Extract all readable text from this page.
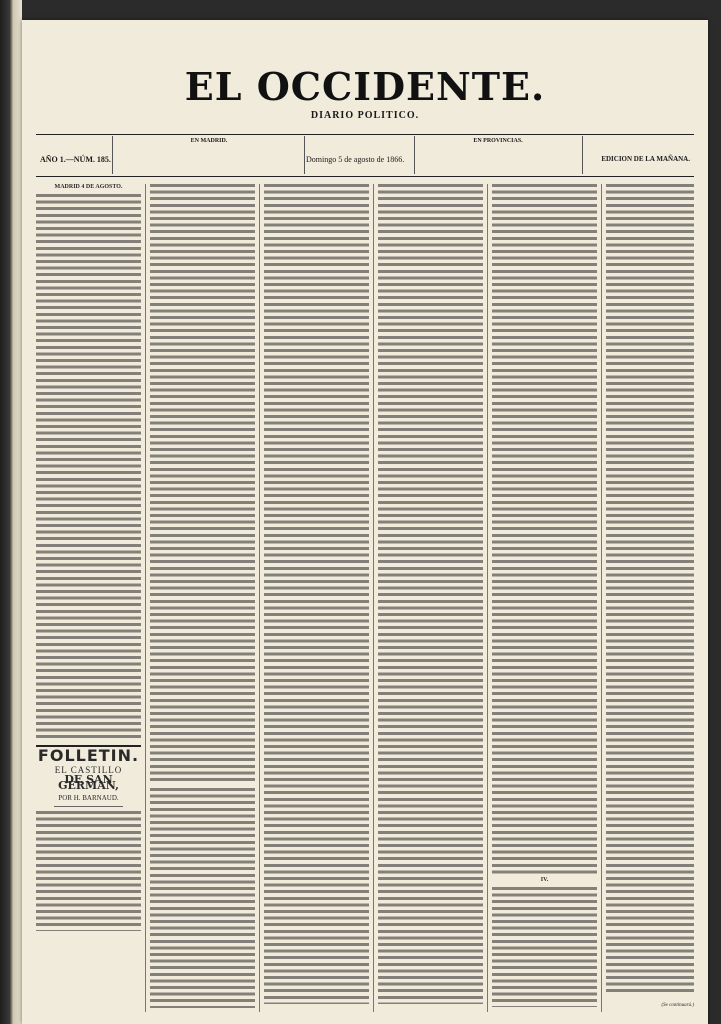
EL OCCIDENTE.
DIARIO POLITICO.
AÑO 1.—NÚM. 185.
EN MADRID.
Domingo 5 de agosto de 1866.
EN PROVINCIAS.
EDICION DE LA MAÑANA.
MADRID 4 DE AGOSTO.
FOLLETIN.
EL CASTILLO
DE SAN GERMAN,
POR H. BARNAUD.
IV.
(Se continuará.)
